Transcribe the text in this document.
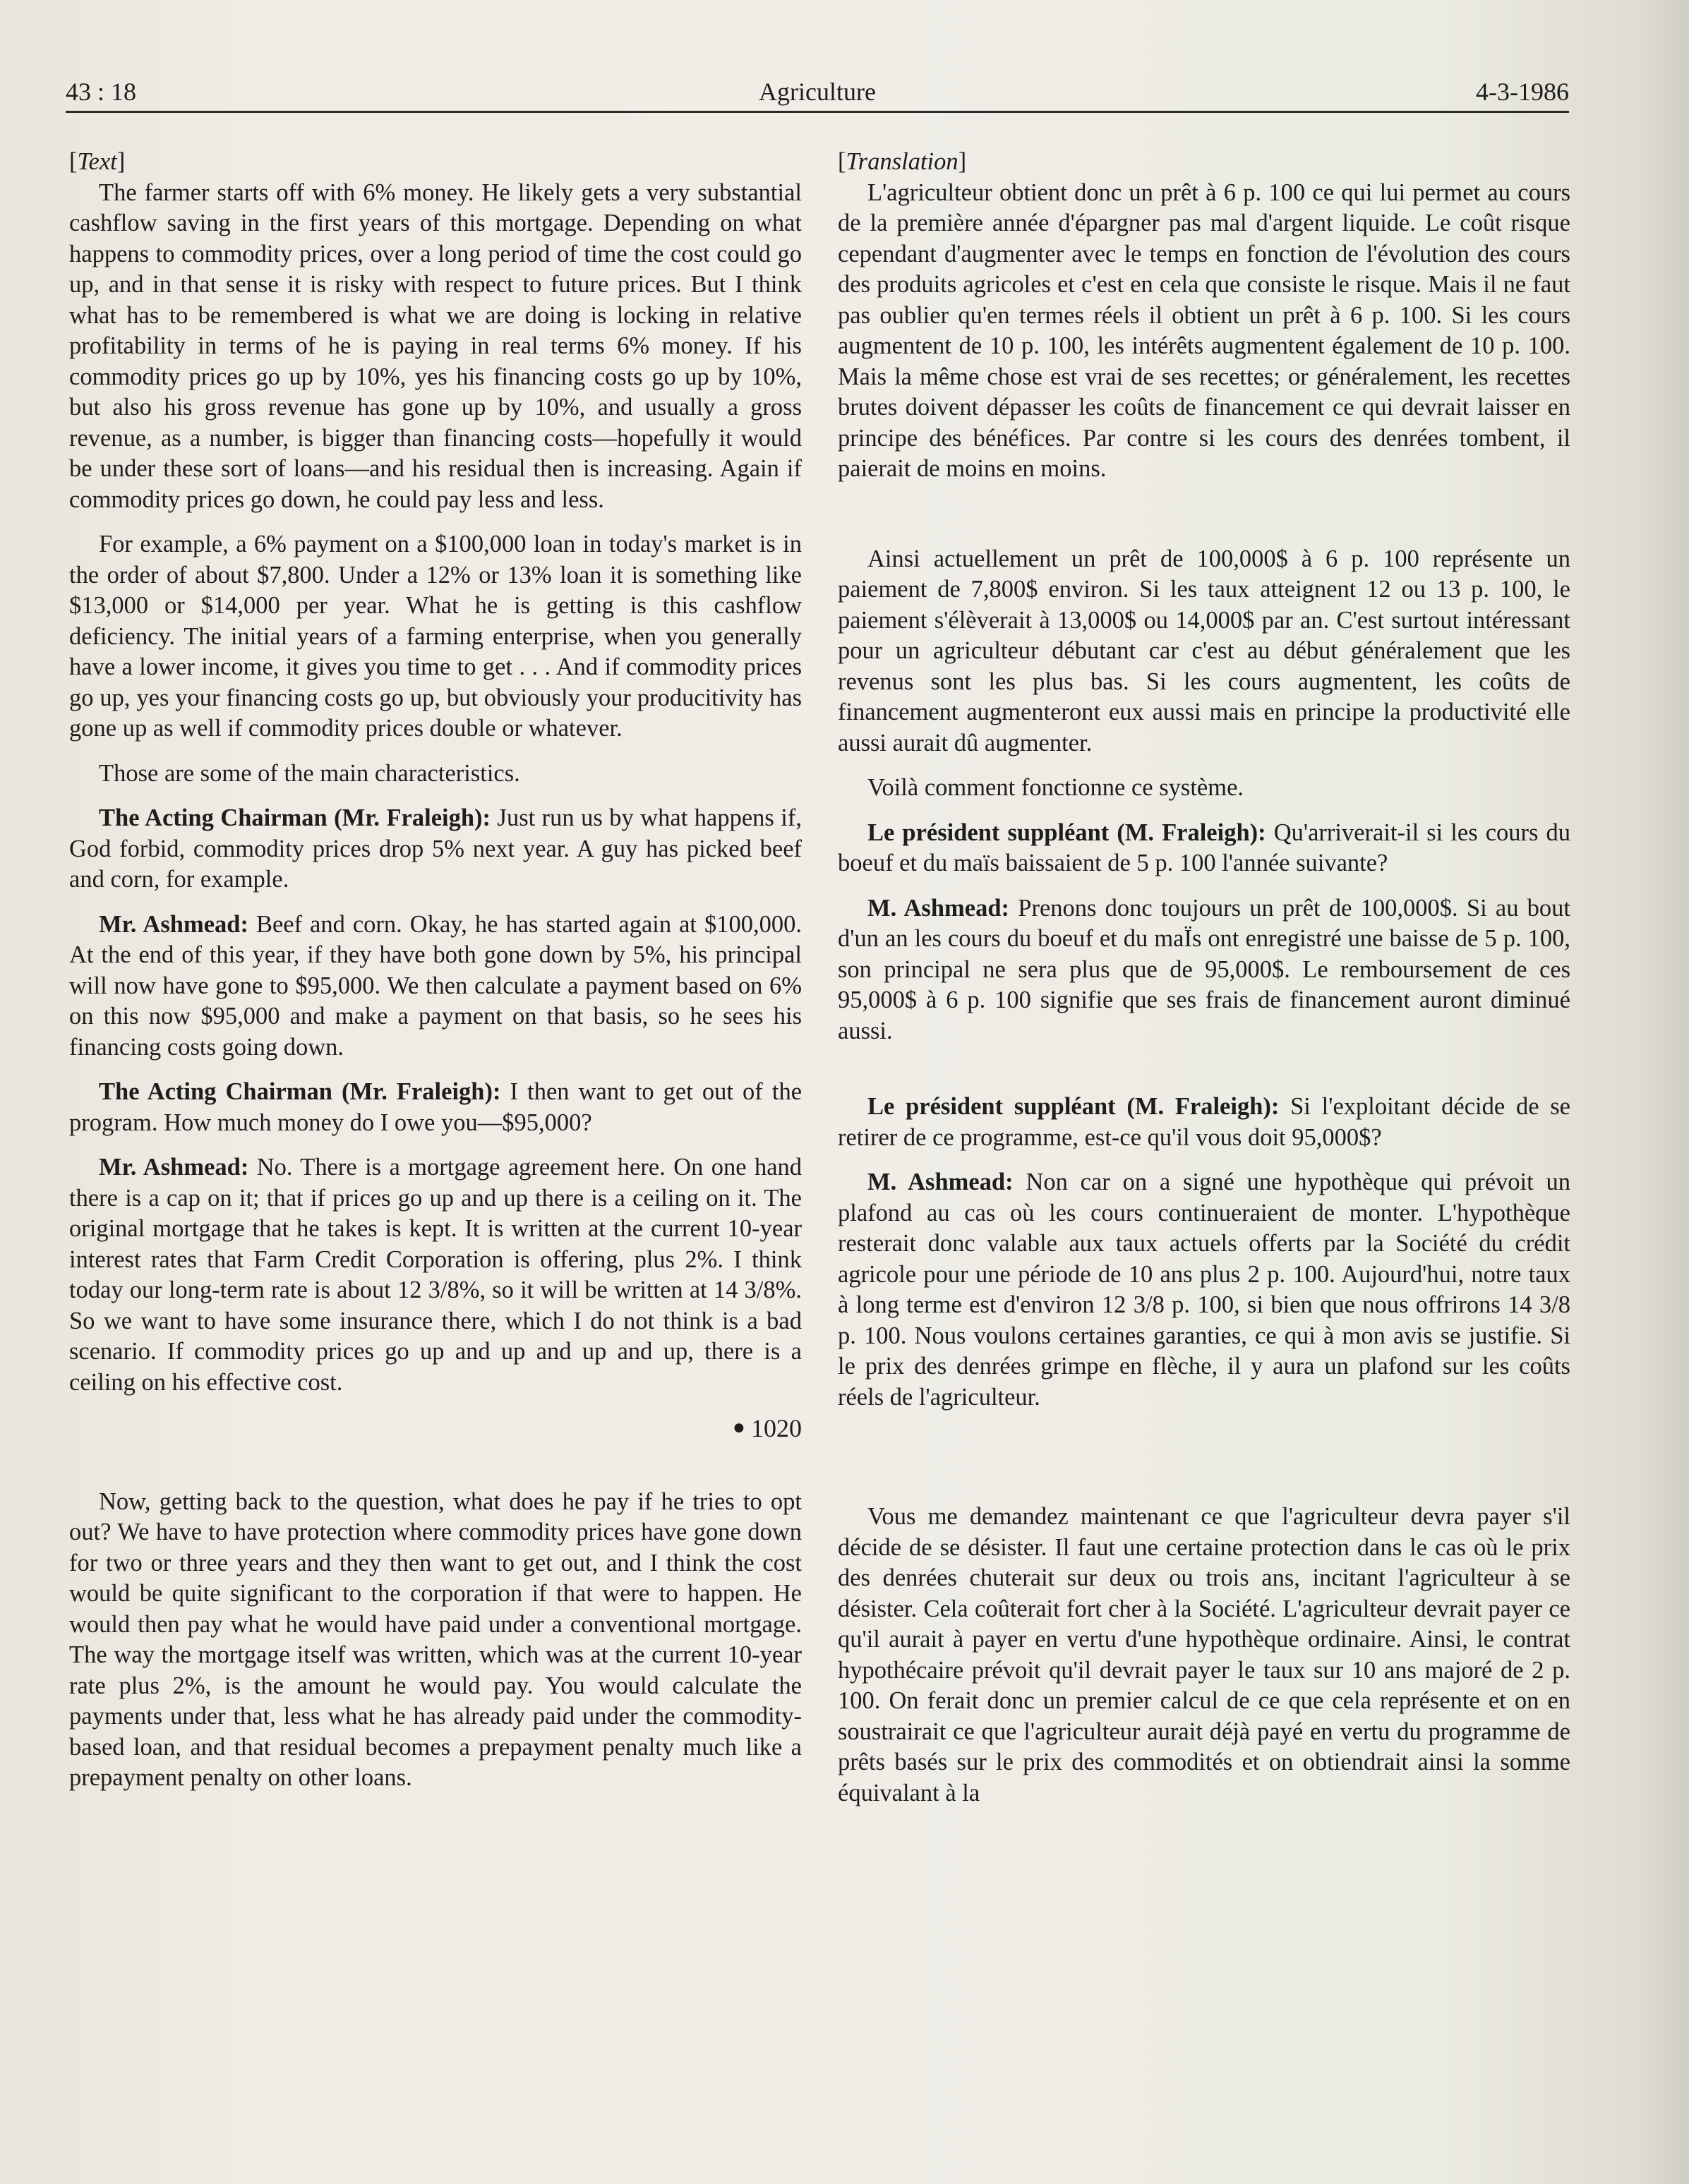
43 : 18	Agriculture	4-3-1986

[Text]

The farmer starts off with 6% money. He likely gets a very substantial cashflow saving in the first years of this mortgage. Depending on what happens to commodity prices, over a long period of time the cost could go up, and in that sense it is risky with respect to future prices. But I think what has to be remembered is what we are doing is locking in relative profitability in terms of he is paying in real terms 6% money. If his commodity prices go up by 10%, yes his financing costs go up by 10%, but also his gross revenue has gone up by 10%, and usually a gross revenue, as a number, is bigger than financing costs—hopefully it would be under these sort of loans—and his residual then is increasing. Again if commodity prices go down, he could pay less and less.

For example, a 6% payment on a $100,000 loan in today's market is in the order of about $7,800. Under a 12% or 13% loan it is something like $13,000 or $14,000 per year. What he is getting is this cashflow deficiency. The initial years of a farming enterprise, when you generally have a lower income, it gives you time to get . . . And if commodity prices go up, yes your financing costs go up, but obviously your producitivity has gone up as well if commodity prices double or whatever.

Those are some of the main characteristics.

The Acting Chairman (Mr. Fraleigh): Just run us by what happens if, God forbid, commodity prices drop 5% next year. A guy has picked beef and corn, for example.

Mr. Ashmead: Beef and corn. Okay, he has started again at $100,000. At the end of this year, if they have both gone down by 5%, his principal will now have gone to $95,000. We then calculate a payment based on 6% on this now $95,000 and make a payment on that basis, so he sees his financing costs going down.

The Acting Chairman (Mr. Fraleigh): I then want to get out of the program. How much money do I owe you—$95,000?

Mr. Ashmead: No. There is a mortgage agreement here. On one hand there is a cap on it; that if prices go up and up there is a ceiling on it. The original mortgage that he takes is kept. It is written at the current 10-year interest rates that Farm Credit Corporation is offering, plus 2%. I think today our long-term rate is about 12 3/8%, so it will be written at 14 3/8%. So we want to have some insurance there, which I do not think is a bad scenario. If commodity prices go up and up and up and up, there is a ceiling on his effective cost.

● 1020

Now, getting back to the question, what does he pay if he tries to opt out? We have to have protection where commodity prices have gone down for two or three years and they then want to get out, and I think the cost would be quite significant to the corporation if that were to happen. He would then pay what he would have paid under a conventional mortgage. The way the mortgage itself was written, which was at the current 10-year rate plus 2%, is the amount he would pay. You would calculate the payments under that, less what he has already paid under the commodity-based loan, and that residual becomes a prepayment penalty much like a prepayment penalty on other loans.

[Translation]

L'agriculteur obtient donc un prêt à 6 p. 100 ce qui lui permet au cours de la première année d'épargner pas mal d'argent liquide. Le coût risque cependant d'augmenter avec le temps en fonction de l'évolution des cours des produits agricoles et c'est en cela que consiste le risque. Mais il ne faut pas oublier qu'en termes réels il obtient un prêt à 6 p. 100. Si les cours augmentent de 10 p. 100, les intérêts augmentent également de 10 p. 100. Mais la même chose est vrai de ses recettes; or généralement, les recettes brutes doivent dépasser les coûts de financement ce qui devrait laisser en principe des bénéfices. Par contre si les cours des denrées tombent, il paierait de moins en moins.

Ainsi actuellement un prêt de 100,000$ à 6 p. 100 représente un paiement de 7,800$ environ. Si les taux atteignent 12 ou 13 p. 100, le paiement s'élèverait à 13,000$ ou 14,000$ par an. C'est surtout intéressant pour un agriculteur débutant car c'est au début généralement que les revenus sont les plus bas. Si les cours augmentent, les coûts de financement augmenteront eux aussi mais en principe la productivité elle aussi aurait dû augmenter.

Voilà comment fonctionne ce système.

Le président suppléant (M. Fraleigh): Qu'arriverait-il si les cours du boeuf et du maïs baissaient de 5 p. 100 l'année suivante?

M. Ashmead: Prenons donc toujours un prêt de 100,000$. Si au bout d'un an les cours du boeuf et du maÏs ont enregistré une baisse de 5 p. 100, son principal ne sera plus que de 95,000$. Le remboursement de ces 95,000$ à 6 p. 100 signifie que ses frais de financement auront diminué aussi.

Le président suppléant (M. Fraleigh): Si l'exploitant décide de se retirer de ce programme, est-ce qu'il vous doit 95,000$?

M. Ashmead: Non car on a signé une hypothèque qui prévoit un plafond au cas où les cours continueraient de monter. L'hypothèque resterait donc valable aux taux actuels offerts par la Société du crédit agricole pour une période de 10 ans plus 2 p. 100. Aujourd'hui, notre taux à long terme est d'environ 12 3/8 p. 100, si bien que nous offrirons 14 3/8 p. 100. Nous voulons certaines garanties, ce qui à mon avis se justifie. Si le prix des denrées grimpe en flèche, il y aura un plafond sur les coûts réels de l'agriculteur.

Vous me demandez maintenant ce que l'agriculteur devra payer s'il décide de se désister. Il faut une certaine protection dans le cas où le prix des denrées chuterait sur deux ou trois ans, incitant l'agriculteur à se désister. Cela coûterait fort cher à la Société. L'agriculteur devrait payer ce qu'il aurait à payer en vertu d'une hypothèque ordinaire. Ainsi, le contrat hypothécaire prévoit qu'il devrait payer le taux sur 10 ans majoré de 2 p. 100. On ferait donc un premier calcul de ce que cela représente et on en soustrairait ce que l'agriculteur aurait déjà payé en vertu du programme de prêts basés sur le prix des commodités et on obtiendrait ainsi la somme équivalant à la
